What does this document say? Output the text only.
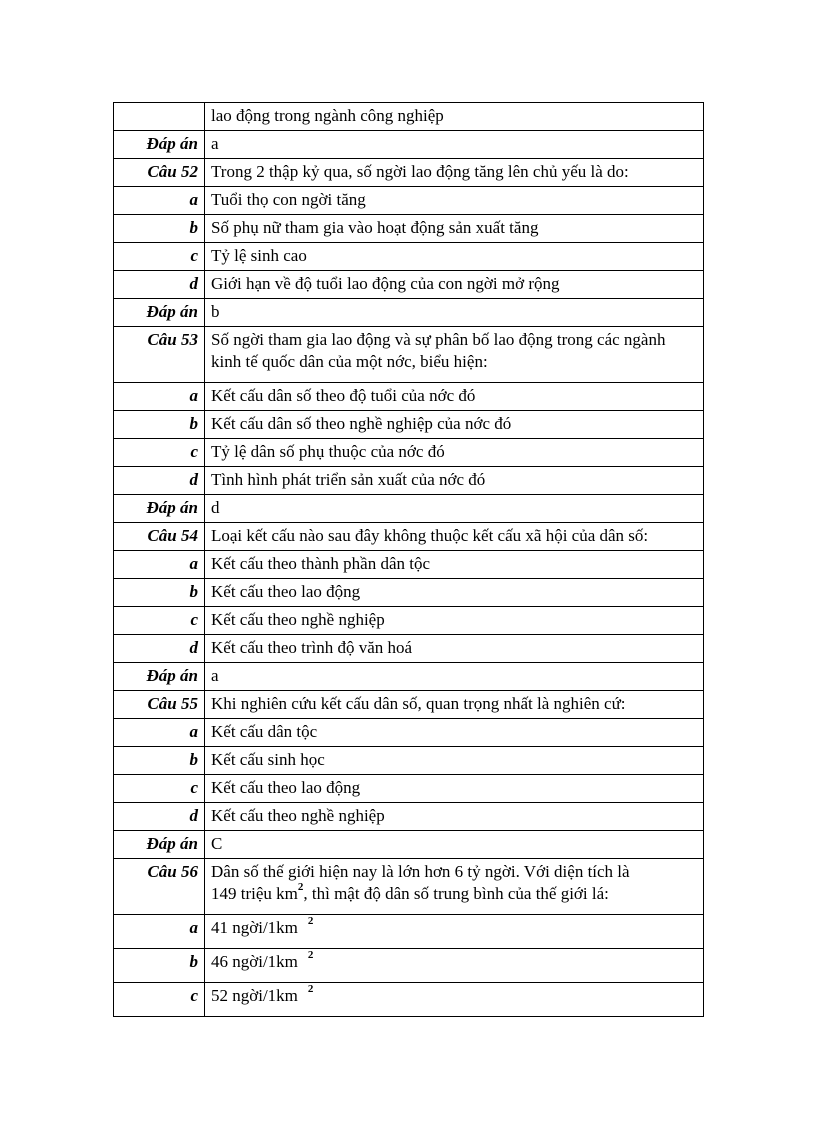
	lao động trong ngành công nghiệp
Đáp án	a
Câu 52	Trong 2 thập kỷ qua, số ngời lao động tăng lên chủ yếu là do:
a	Tuổi thọ con ngời tăng
b	Số phụ nữ tham gia vào hoạt động sản xuất tăng
c	Tỷ lệ sinh cao
d	Giới hạn về độ tuổi lao động của con ngời mở rộng
Đáp án	b
Câu 53	Số ngời tham gia lao động và sự phân bố lao động trong các ngành kinh tế quốc dân của một nớc, biểu hiện:
a	Kết cấu dân số theo độ tuổi của nớc đó
b	Kết cấu dân số theo nghề nghiệp của nớc đó
c	Tỷ lệ dân số phụ thuộc của nớc đó
d	Tình hình phát triển sản xuất của nớc đó
Đáp án	d
Câu 54	Loại kết cấu nào sau đây không thuộc kết cấu xã hội của dân số:
a	Kết cấu theo thành phần dân tộc
b	Kết cấu theo lao động
c	Kết cấu theo nghề nghiệp
d	Kết cấu theo trình độ văn hoá
Đáp án	a
Câu 55	Khi nghiên cứu kết cấu dân số, quan trọng nhất là nghiên cứ:
a	Kết cấu dân tộc
b	Kết cấu sinh học
c	Kết cấu theo lao động
d	Kết cấu theo nghề nghiệp
Đáp án	C
Câu 56	Dân số thế giới hiện nay là lớn hơn 6 tỷ ngời. Với diện tích là
149 triệu $km^2$, thì mật độ dân số trung bình của thế giới lá:
a	41 ngời/1km $^2$
b	46 ngời/1km $^2$
c	52 ngời/1km $^2$
